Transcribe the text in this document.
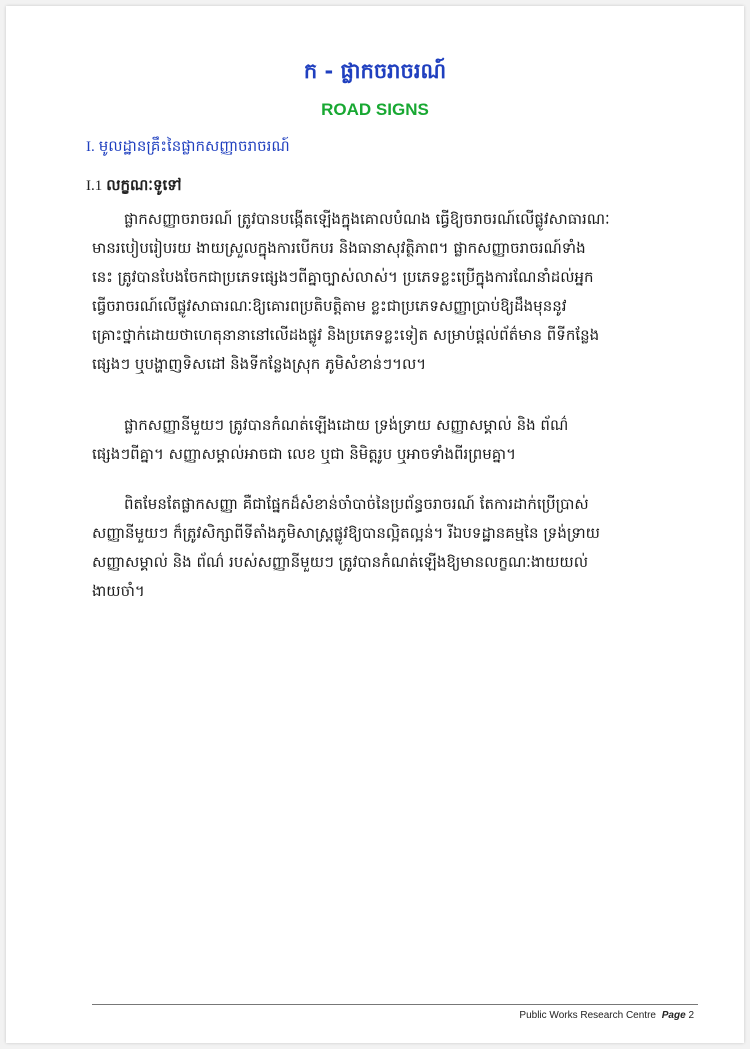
ក - ផ្លាកចរាចរណ៍
ROAD SIGNS
I. មូលដ្ឋានគ្រឹះនៃផ្លាកសញ្ញាចរាចរណ៍
I.1 លក្ខណៈទូទៅ
ផ្លាកសញ្ញាចរាចរណ៍ ត្រូវបានបង្កើតឡើងក្នុងគោលបំណង ធ្វើឱ្យចរាចរណ៍លើផ្លូវសាធារណៈ
មានរបៀបរៀបរយ ងាយស្រួលក្នុងការបើកបរ និងធានាសុវត្ថិភាព។ ផ្លាកសញ្ញាចរាចរណ៍ទាំង
នេះ ត្រូវបានបែងចែកជាប្រភេទផ្សេងៗពីគ្នាច្បាស់លាស់។ ប្រភេទខ្លះប្រើក្នុងការណែនាំដល់អ្នក
ធ្វើចរាចរណ៍លើផ្លូវសាធារណៈឱ្យគោរពប្រតិបត្តិតាម ខ្លះជាប្រភេទសញ្ញាប្រាប់ឱ្យដឹងមុននូវ
គ្រោះថ្នាក់ដោយថាហេតុនានានៅលើដងផ្លូវ និងប្រភេទខ្លះទៀត សម្រាប់ផ្តល់ព័ត៌មាន ពីទីកន្លែង
ផ្សេងៗ ឬបង្ហាញទិសដៅ និងទីកន្លែងស្រុក ភូមិសំខាន់ៗ។ល។
ផ្លាកសញ្ញានីមួយៗ ត្រូវបានកំណត់ឡើងដោយ ទ្រង់ទ្រាយ សញ្ញាសម្គាល់ និង ព័ណ៌
ផ្សេងៗពីគ្នា។ សញ្ញាសម្គាល់អាចជា លេខ ឬជា និមិត្តរូប ឬអាចទាំងពីរព្រមគ្នា។
ពិតមែនតែផ្លាកសញ្ញា គឺជាផ្នែកដ៏សំខាន់ចាំបាច់នៃប្រព័ន្ធចរាចរណ៍ តែការដាក់ប្រើប្រាស់
សញ្ញានីមួយៗ ក៏ត្រូវសិក្សាពីទីតាំងភូមិសាស្ត្រផ្លូវឱ្យបានល្អិតល្អន់។ រីឯបទដ្ឋានគម្មនៃ ទ្រង់ទ្រាយ
សញ្ញាសម្គាល់ និង ព័ណ៌ របស់សញ្ញានីមួយៗ ត្រូវបានកំណត់ឡើងឱ្យមានលក្ខណៈងាយយល់
ងាយចាំ។
Public Works Research Centre Page 2
